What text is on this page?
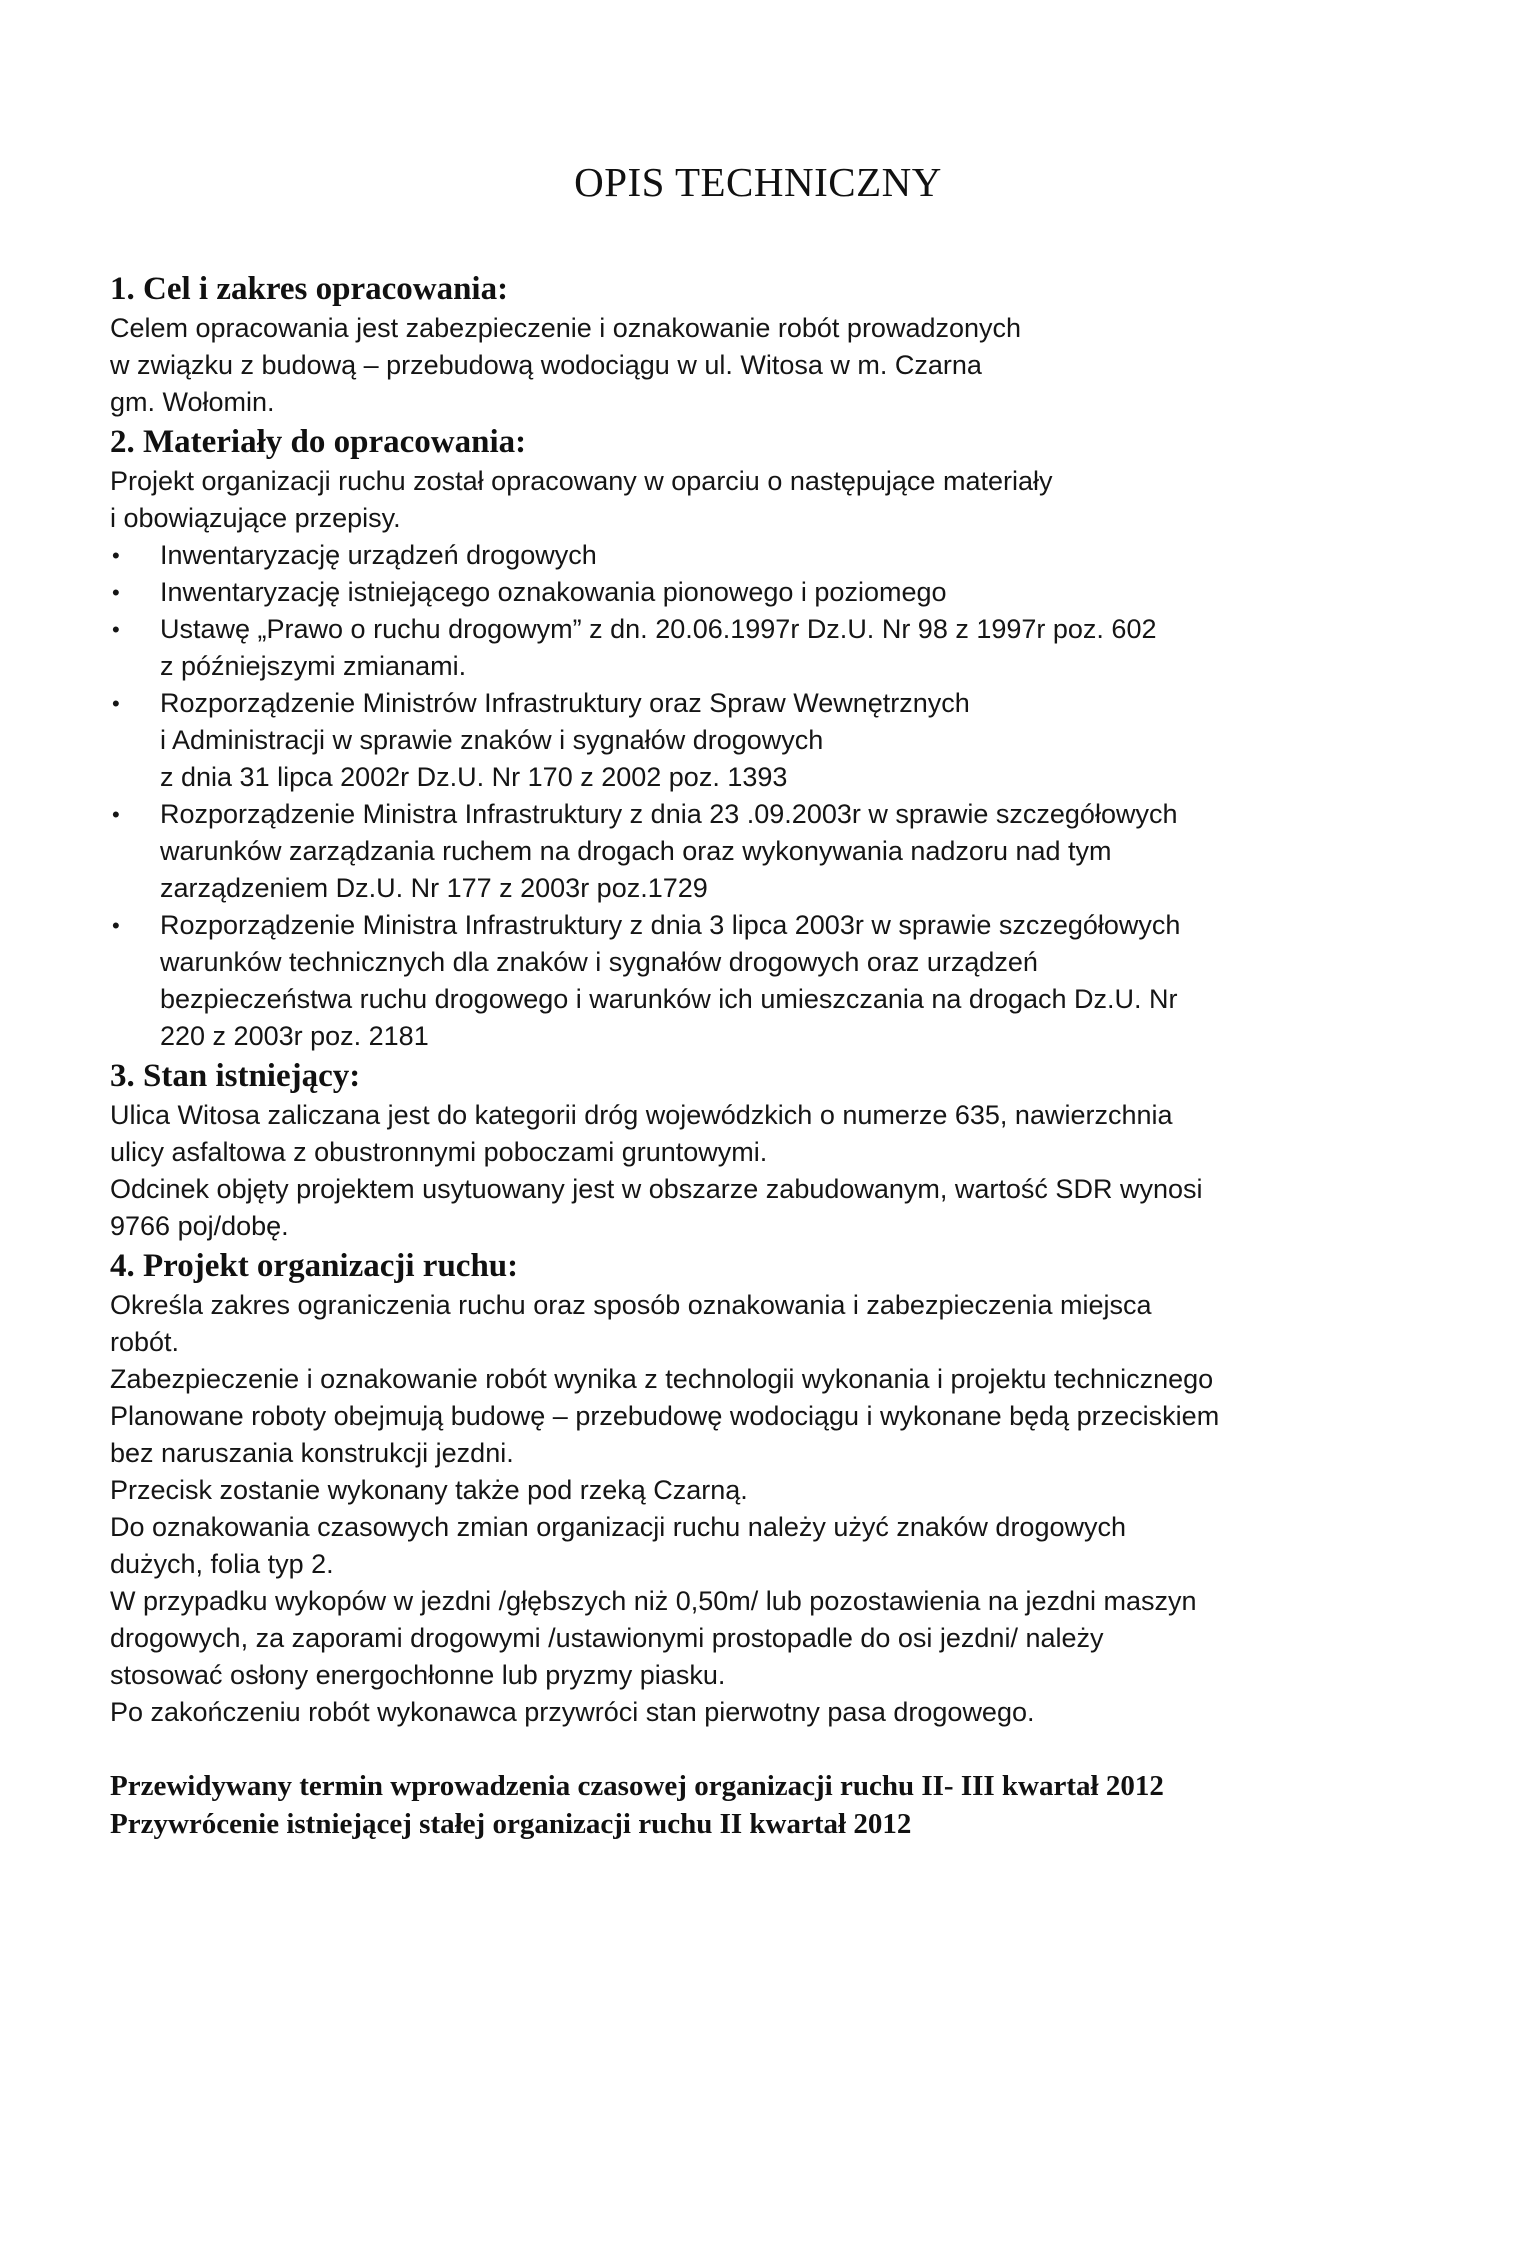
OPIS TECHNICZNY
1. Cel i zakres opracowania:

Celem opracowania jest zabezpieczenie i oznakowanie robót prowadzonych

w związku z budową – przebudową wodociągu w ul. Witosa w m. Czarna

gm. Wołomin.

2. Materiały do opracowania:

Projekt organizacji ruchu został opracowany w oparciu o następujące materiały

i obowiązujące przepisy.

• Inwentaryzację urządzeń drogowych
• Inwentaryzację istniejącego oznakowania pionowego i poziomego
• Ustawę „Prawo o ruchu drogowym” z dn. 20.06.1997r Dz.U. Nr 98 z 1997r poz. 602
z późniejszymi zmianami.
• Rozporządzenie Ministrów Infrastruktury oraz Spraw Wewnętrznych
i Administracji w sprawie znaków i sygnałów drogowych
z dnia 31 lipca 2002r Dz.U. Nr 170 z 2002 poz. 1393
• Rozporządzenie Ministra Infrastruktury z dnia 23 .09.2003r w sprawie szczegółowych
warunków zarządzania ruchem na drogach oraz wykonywania nadzoru nad tym
zarządzeniem Dz.U. Nr 177 z 2003r poz.1729
• Rozporządzenie Ministra Infrastruktury z dnia 3 lipca 2003r w sprawie szczegółowych
warunków technicznych dla znaków i sygnałów drogowych oraz urządzeń
bezpieczeństwa ruchu drogowego i warunków ich umieszczania na drogach Dz.U. Nr
220 z 2003r poz. 2181
3. Stan istniejący:

Ulica Witosa zaliczana jest do kategorii dróg wojewódzkich o numerze 635, nawierzchnia

ulicy asfaltowa z obustronnymi poboczami gruntowymi.

Odcinek objęty projektem usytuowany jest w obszarze zabudowanym, wartość SDR wynosi

9766 poj/dobę.

4. Projekt organizacji ruchu:

Określa zakres ograniczenia ruchu oraz sposób oznakowania i zabezpieczenia miejsca

robót.

Zabezpieczenie i oznakowanie robót wynika z technologii wykonania i projektu technicznego

Planowane roboty obejmują budowę – przebudowę wodociągu i wykonane będą przeciskiem

bez naruszania konstrukcji jezdni.

Przecisk zostanie wykonany także pod rzeką Czarną.

Do oznakowania czasowych zmian organizacji ruchu należy użyć znaków drogowych

dużych, folia typ 2.

W przypadku wykopów w jezdni /głębszych niż 0,50m/ lub pozostawienia na jezdni maszyn

drogowych, za zaporami drogowymi /ustawionymi prostopadle do osi jezdni/ należy

stosować osłony energochłonne lub pryzmy piasku.

Po zakończeniu robót wykonawca przywróci stan pierwotny pasa drogowego.

Przewidywany termin wprowadzenia czasowej organizacji ruchu II- III kwartał 2012

Przywrócenie istniejącej stałej organizacji ruchu II kwartał 2012
